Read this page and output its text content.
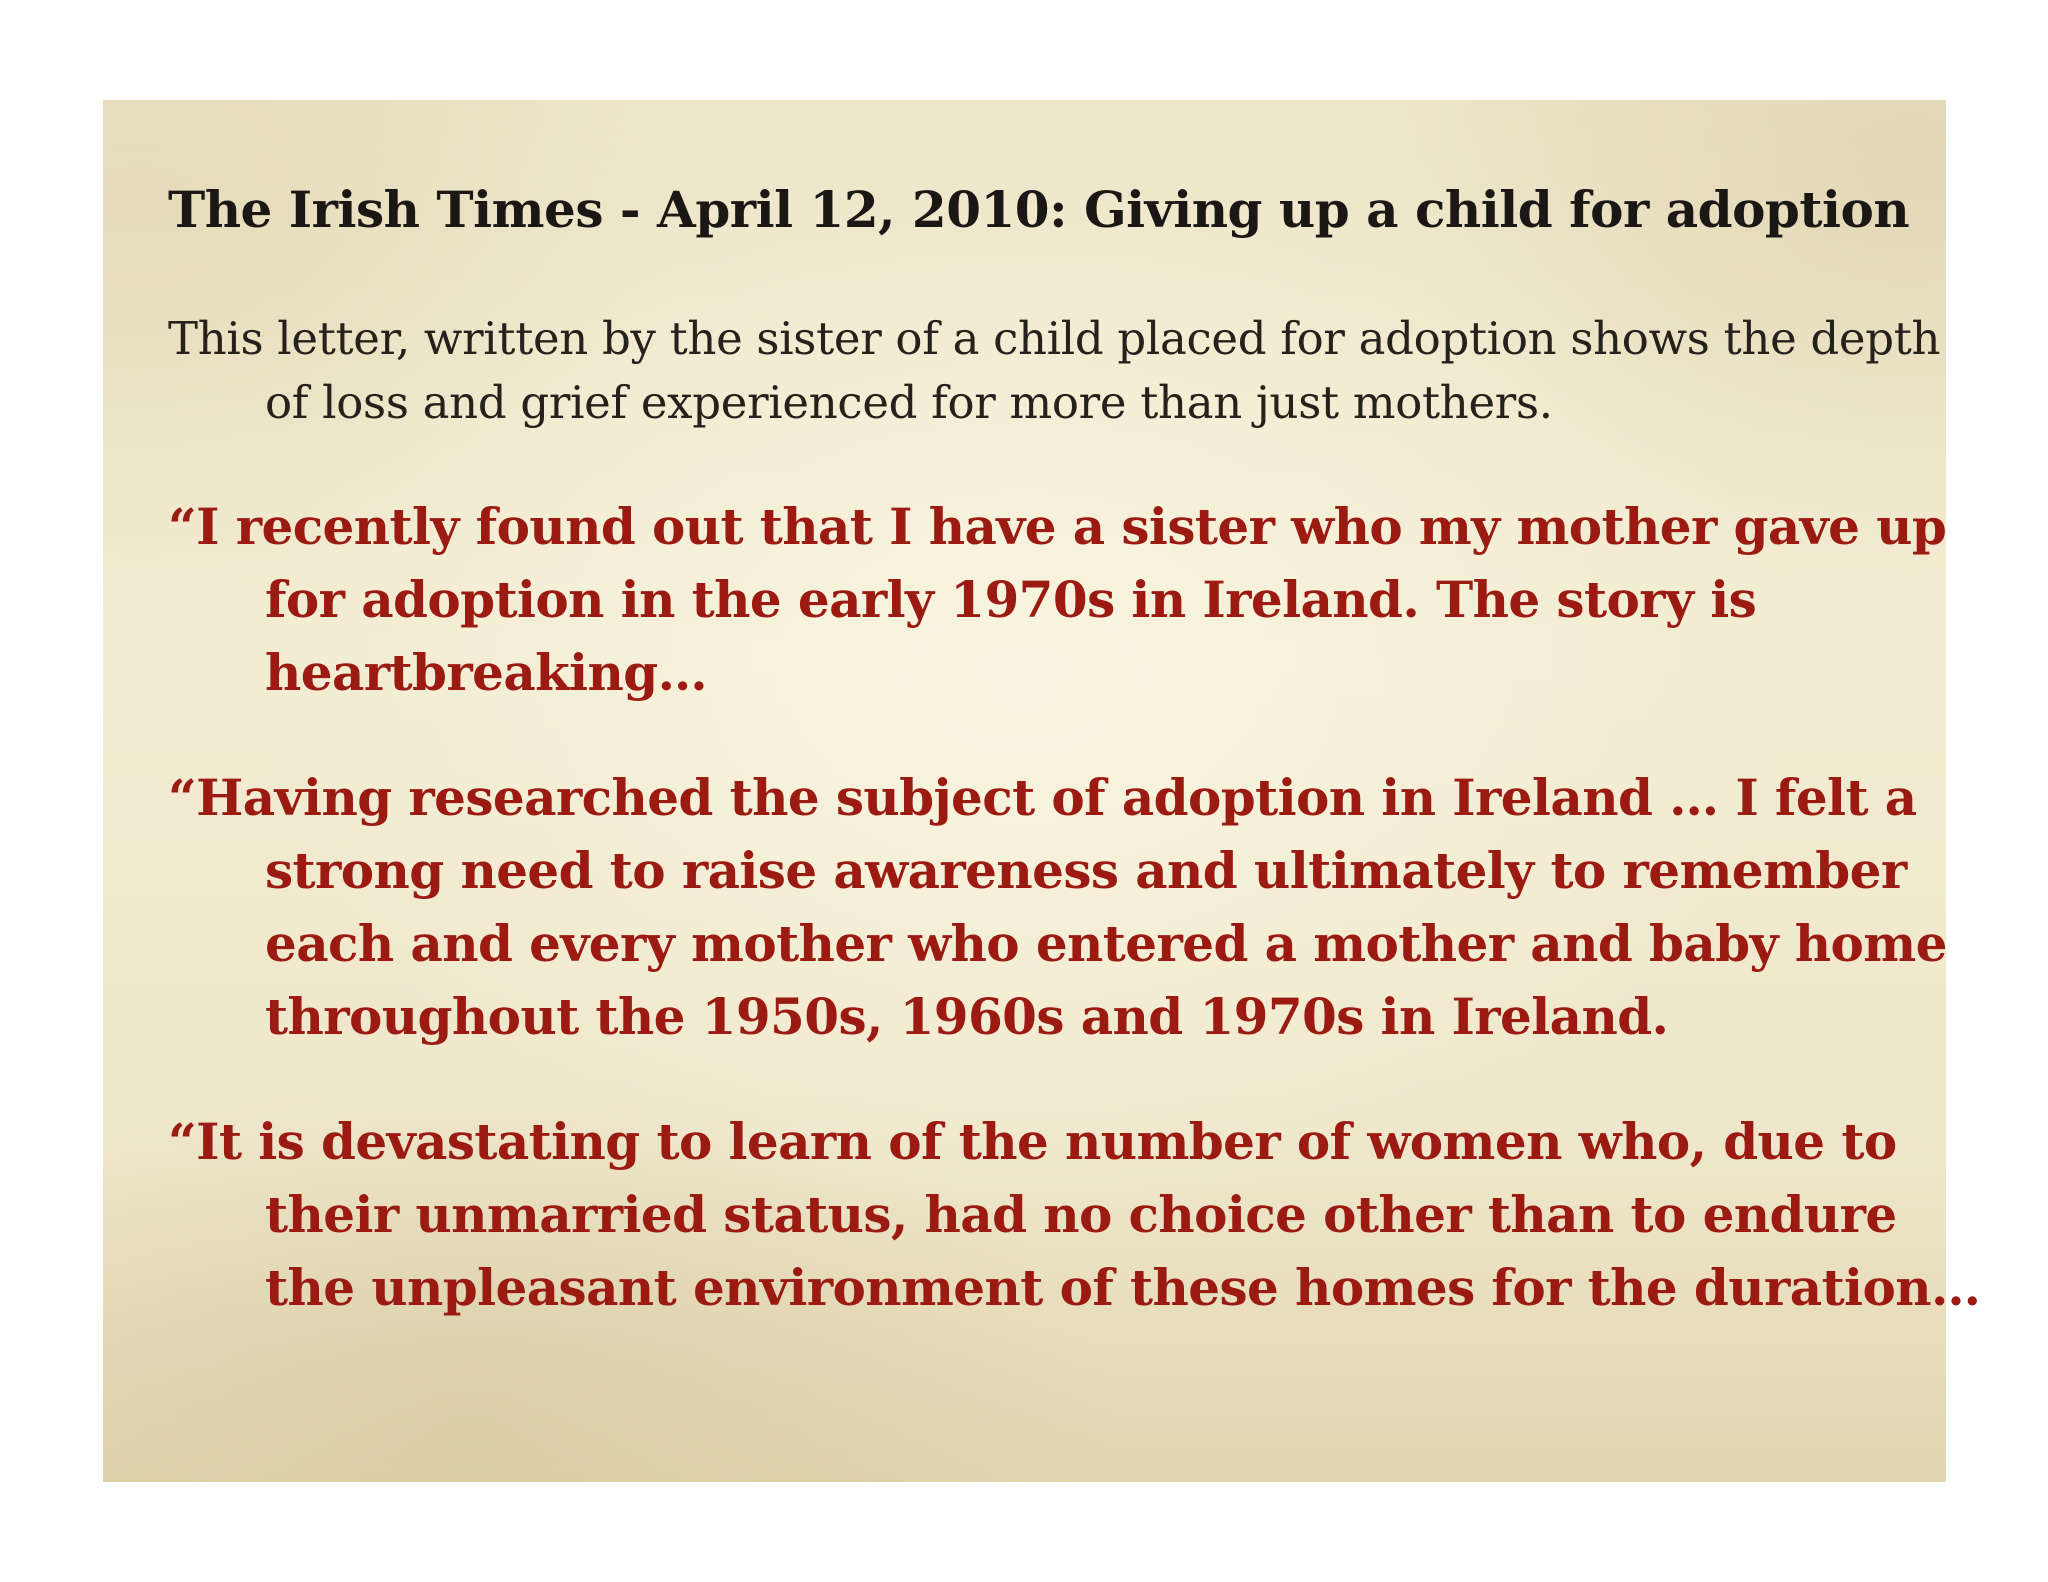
The Irish Times - April 12, 2010: Giving up a child for adoption

This letter, written by the sister of a child placed for adoption shows the depth of loss and grief experienced for more than just mothers.

“I recently found out that I have a sister who my mother gave up for adoption in the early 1970s in Ireland. The story is heartbreaking…

“Having researched the subject of adoption in Ireland … I felt a strong need to raise awareness and ultimately to remember each and every mother who entered a mother and baby home throughout the 1950s, 1960s and 1970s in Ireland.

“It is devastating to learn of the number of women who, due to their unmarried status, had no choice other than to endure the unpleasant environment of these homes for the duration…
